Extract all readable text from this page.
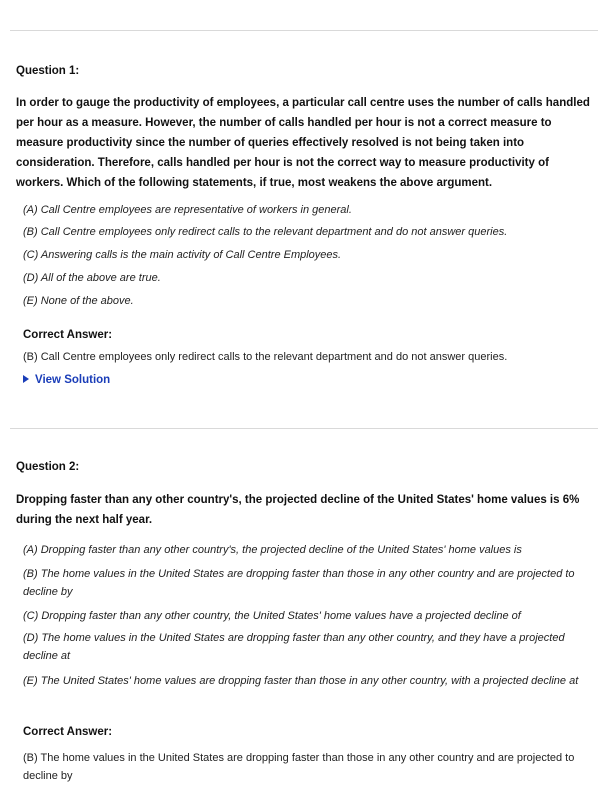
Question 1:
In order to gauge the productivity of employees, a particular call centre uses the number of calls handled per hour as a measure. However, the number of calls handled per hour is not a correct measure to measure productivity since the number of queries effectively resolved is not being taken into consideration. Therefore, calls handled per hour is not the correct way to measure productivity of workers. Which of the following statements, if true, most weakens the above argument.
(A) Call Centre employees are representative of workers in general.
(B) Call Centre employees only redirect calls to the relevant department and do not answer queries.
(C) Answering calls is the main activity of Call Centre Employees.
(D) All of the above are true.
(E) None of the above.
Correct Answer:
(B) Call Centre employees only redirect calls to the relevant department and do not answer queries.
View Solution
Question 2:
Dropping faster than any other country's, the projected decline of the United States' home values is 6% during the next half year.
(A) Dropping faster than any other country's, the projected decline of the United States' home values is
(B) The home values in the United States are dropping faster than those in any other country and are projected to decline by
(C) Dropping faster than any other country, the United States' home values have a projected decline of
(D) The home values in the United States are dropping faster than any other country, and they have a projected decline at
(E) The United States' home values are dropping faster than those in any other country, with a projected decline at
Correct Answer:
(B) The home values in the United States are dropping faster than those in any other country and are projected to decline by
